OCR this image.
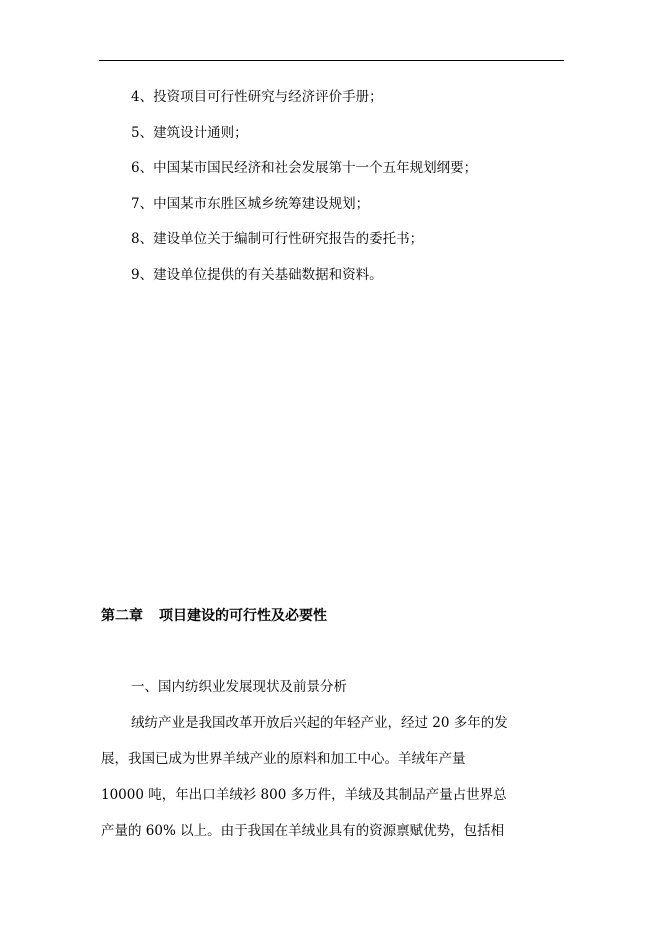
4、投资项目可行性研究与经济评价手册；
5、建筑设计通则；
6、中国某市国民经济和社会发展第十一个五年规划纲要；
7、中国某市东胜区城乡统筹建设规划；
8、建设单位关于编制可行性研究报告的委托书；
9、建设单位提供的有关基础数据和资料。
第二章 项目建设的可行性及必要性
一、国内纺织业发展现状及前景分析

绒纺产业是我国改革开放后兴起的年轻产业，经过 20 多年的发

展，我国已成为世界羊绒产业的原料和加工中心。羊绒年产量

10000 吨，年出口羊绒衫 800 多万件，羊绒及其制品产量占世界总

产量的 60% 以上。由于我国在羊绒业具有的资源禀赋优势，包括相
